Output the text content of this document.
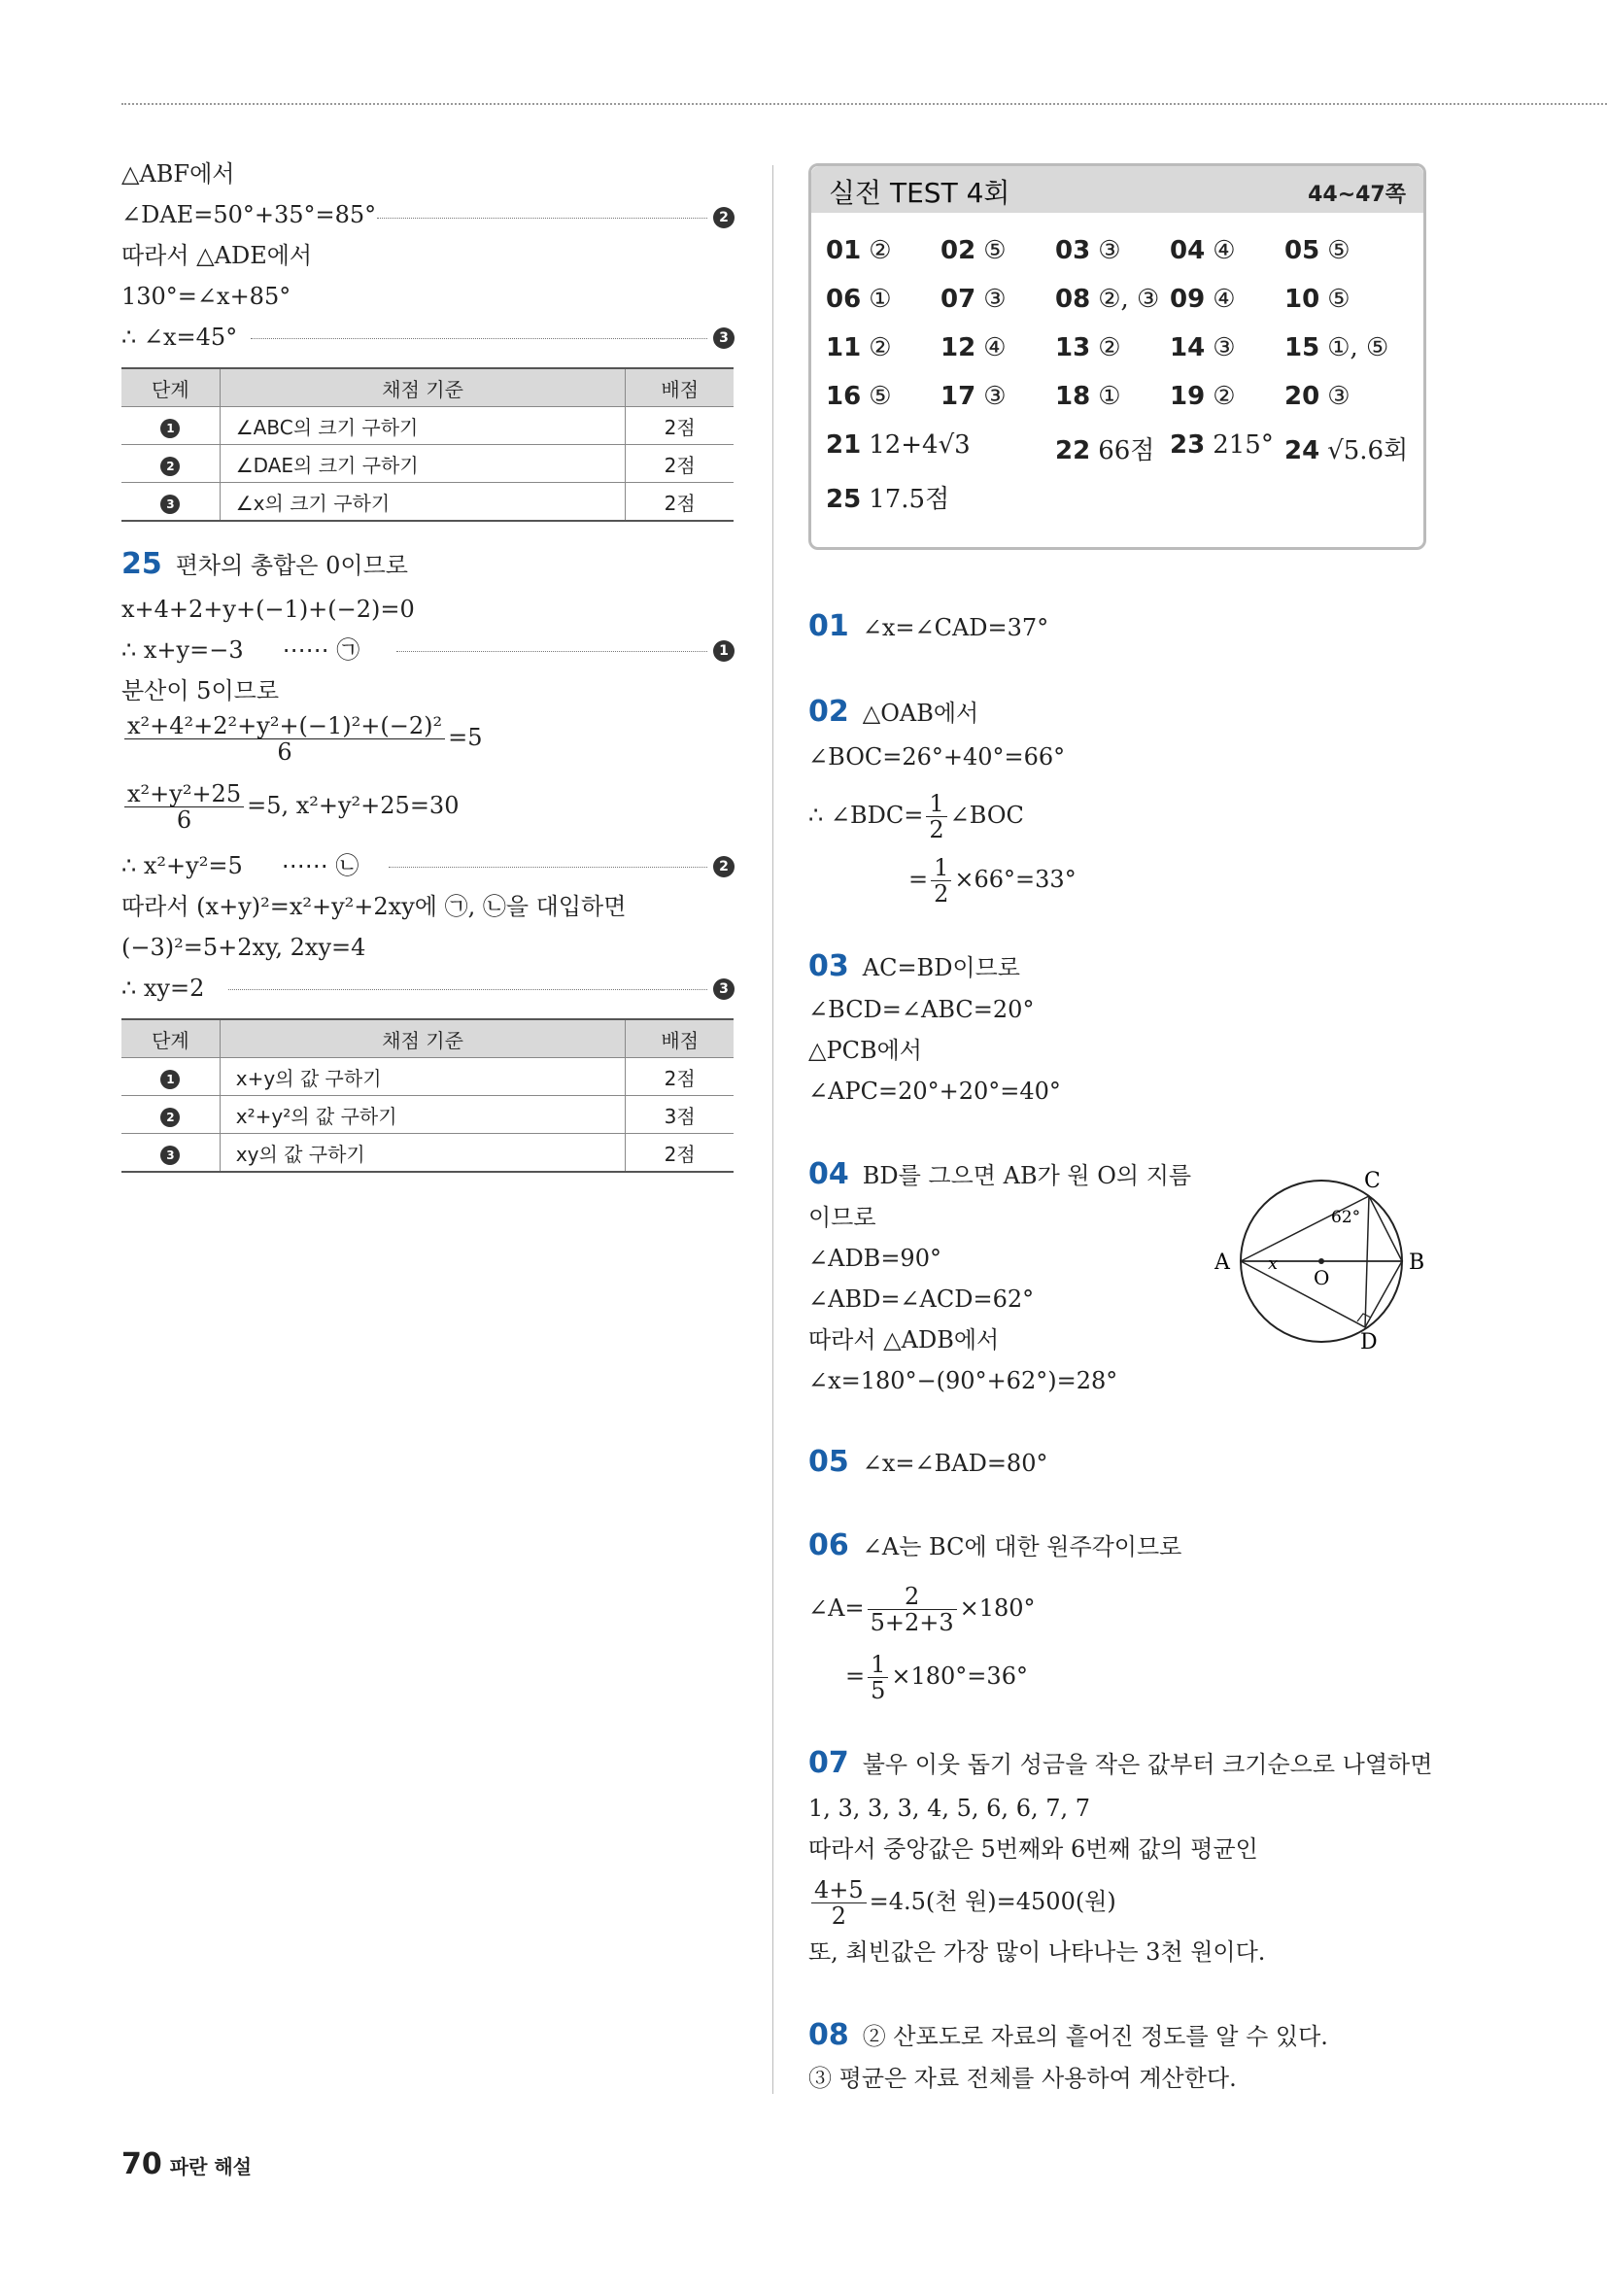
△ABF에서
∠DAE=50°+35°=85°	2
따라서 △ADE에서
130°=∠x+85°
∴ ∠x=45°	3
단계	채점 기준	배점
1	∠ABC의 크기 구하기	2점
2	∠DAE의 크기 구하기	2점
3	∠x의 크기 구하기	2점
25 편차의 총합은 0이므로
x+4+2+y+(−1)+(−2)=0
∴ x+y=−3 ⋯⋯ ㉠	1
분산이 5이므로
$\frac{\text{x²+4²+2²+y²+(−1)²+(−2)²}}{6} =5$
$\frac{\text{x²+y²+25}}{6} =5$, x²+y²+25=30
∴ x²+y²=5 ⋯⋯ ㉡	2
따라서 (x+y)²=x²+y²+2xy에 ㉠, ㉡을 대입하면
(−3)²=5+2xy, 2xy=4
∴ xy=2	3
단계	채점 기준	배점
1	x+y의 값 구하기	2점
2	x²+y²의 값 구하기	3점
3	xy의 값 구하기	2점
실전 TEST 4회	44~47쪽
01 ② 02 ⑤ 03 ③ 04 ④ 05 ⑤
06 ① 07 ③ 08 ②, ③ 09 ④ 10 ⑤
11 ② 12 ④ 13 ② 14 ③ 15 ①, ⑤
16 ⑤ 17 ③ 18 ① 19 ② 20 ③
21 12+4√3	22 66점 23 215° 24 √5.6회
25 17.5점
01 ∠x=∠CAD=37°
02 △OAB에서
∠BOC=26°+40°=66°
∴ ∠BDC= $\frac{1}{2}$ ∠BOC
= $\frac{1}{2} \times 66^\circ=33^\circ$
03 AC=BD이므로
∠BCD=∠ABC=20°
△PCB에서
∠APC=20°+20°=40°
04 BD를 그으면 AB가 원 O의 지름
이므로
∠ADB=90°
∠ABD=∠ACD=62°
따라서 △ADB에서
∠x=180°−(90°+62°)=28°
A	B
C
D
O
x
62°
05 ∠x=∠BAD=80°
06 ∠A는 BC에 대한 원주각이므로
∠A= $\frac{2}{5+2+3} \times 180^\circ$
= $\frac{1}{5} \times 180^\circ=36^\circ$
07 불우 이웃 돕기 성금을 작은 값부터 크기순으로 나열하면
1, 3, 3, 3, 4, 5, 6, 6, 7, 7
따라서 중앙값은 5번째와 6번째 값의 평균인
$\frac{4+5}{2} =4.5$(천 원)=4500(원)
또, 최빈값은 가장 많이 나타나는 3천 원이다.
08 ② 산포도로 자료의 흩어진 정도를 알 수 있다.
③ 평균은 자료 전체를 사용하여 계산한다.
70 파란 해설
